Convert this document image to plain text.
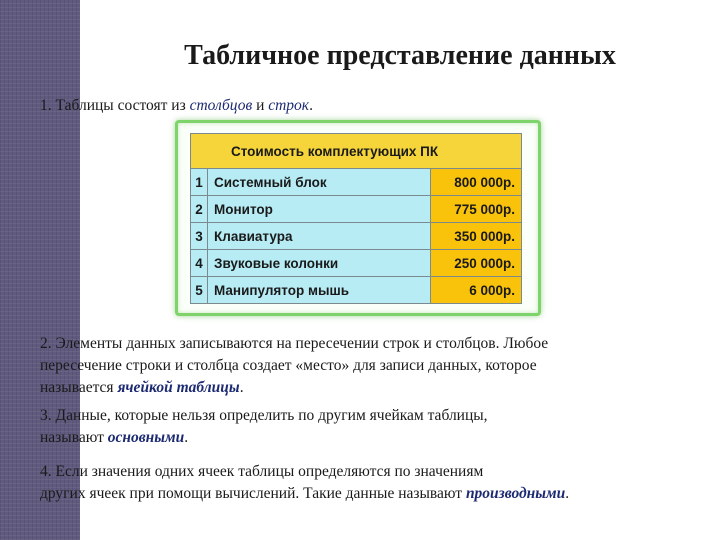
Табличное представление данных

1. Таблицы состоят из столбцов и строк.

Стоимость комплектующих ПК		
1	Системный блок	800 000р.
2	Монитор	775 000р.
3	Клавиатура	350 000р.
4	Звуковые колонки	250 000р.
5	Манипулятор мышь	6 000р.

2. Элементы данных записываются на пересечении строк и столбцов. Любое
пересечение строки и столбца создает «место» для записи данных, которое
называется ячейкой таблицы.

3. Данные, которые нельзя определить по другим ячейкам таблицы,
называют основными.

4. Если значения одних ячеек таблицы определяются по значениям
других ячеек при помощи вычислений. Такие данные называют производными.
